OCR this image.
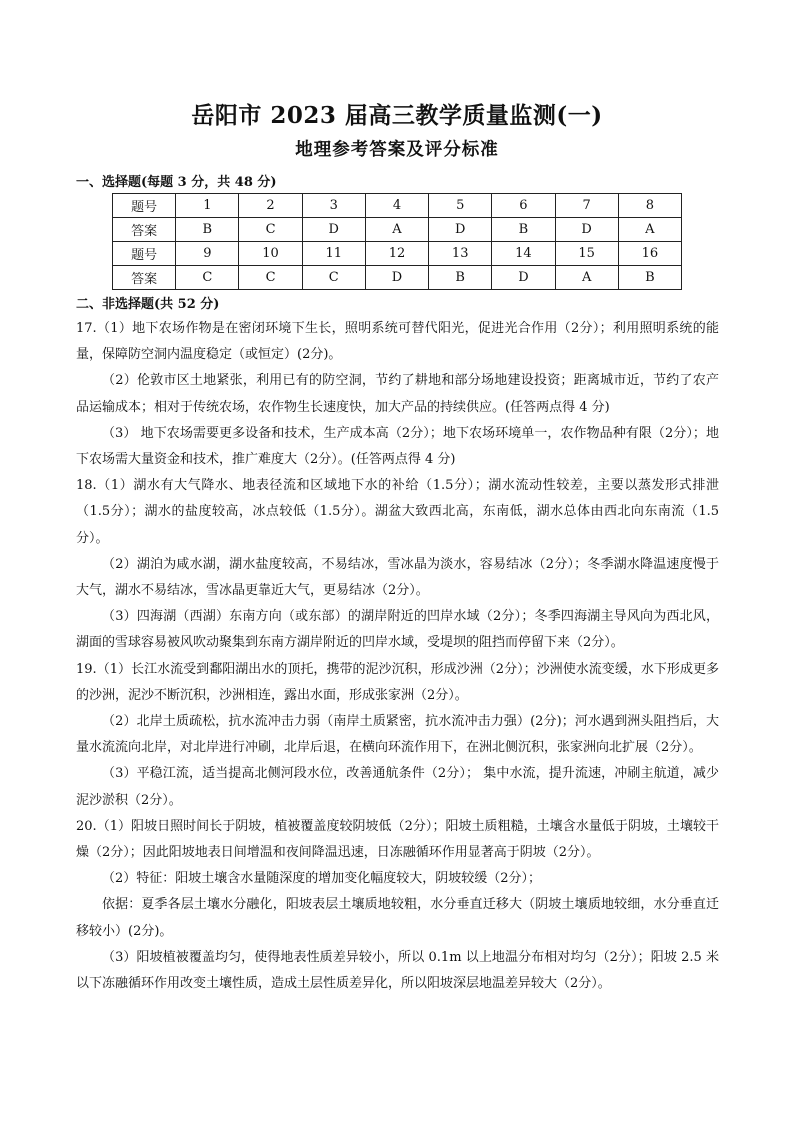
岳阳市 2023 届高三教学质量监测(一)
地理参考答案及评分标准
一、选择题(每题 3 分，共 48 分)
题号	1	2	3	4	5	6	7	8
答案	B	C	D	A	D	B	D	A
题号	9	10	11	12	13	14	15	16
答案	C	C	C	D	B	D	A	B
二、非选择题(共 52 分)

17.（1）地下农场作物是在密闭环境下生长，照明系统可替代阳光，促进光合作用（2分）；利用照明系统的能量，保障防空洞内温度稳定（或恒定）(2分)。

（2）伦敦市区土地紧张，利用已有的防空洞，节约了耕地和部分场地建设投资；距离城市近，节约了农产品运输成本；相对于传统农场，农作物生长速度快，加大产品的持续供应。(任答两点得 4 分)

（3） 地下农场需要更多设备和技术，生产成本高（2分）；地下农场环境单一，农作物品种有限（2分）；地下农场需大量资金和技术，推广难度大（2分）。(任答两点得 4 分)

18.（1）湖水有大气降水、地表径流和区域地下水的补给（1.5分）；湖水流动性较差，主要以蒸发形式排泄（1.5分）；湖水的盐度较高，冰点较低（1.5分）。湖盆大致西北高，东南低，湖水总体由西北向东南流（1.5分）。

（2）湖泊为咸水湖，湖水盐度较高，不易结冰，雪冰晶为淡水，容易结冰（2分）；冬季湖水降温速度慢于大气，湖水不易结冰，雪冰晶更靠近大气，更易结冰（2分）。

（3）四海湖（西湖）东南方向（或东部）的湖岸附近的凹岸水域（2分）；冬季四海湖主导风向为西北风，湖面的雪球容易被风吹动聚集到东南方湖岸附近的凹岸水域，受堤坝的阻挡而停留下来（2分）。

19.（1）长江水流受到鄱阳湖出水的顶托，携带的泥沙沉积，形成沙洲（2分）；沙洲使水流变缓，水下形成更多的沙洲，泥沙不断沉积，沙洲相连，露出水面，形成张家洲（2分）。

（2）北岸土质疏松，抗水流冲击力弱（南岸土质紧密，抗水流冲击力强）(2分)；河水遇到洲头阻挡后，大量水流流向北岸，对北岸进行冲刷，北岸后退，在横向环流作用下，在洲北侧沉积，张家洲向北扩展（2分）。

（3）平稳江流，适当提高北侧河段水位，改善通航条件（2分）； 集中水流，提升流速，冲刷主航道，减少泥沙淤积（2分）。

20.（1）阳坡日照时间长于阴坡，植被覆盖度较阴坡低（2分）；阳坡土质粗糙，土壤含水量低于阴坡，土壤较干燥（2分）；因此阳坡地表日间增温和夜间降温迅速，日冻融循环作用显著高于阴坡（2分）。

（2）特征：阳坡土壤含水量随深度的增加变化幅度较大，阴坡较缓（2分）；

依据：夏季各层土壤水分融化，阳坡表层土壤质地较粗，水分垂直迁移大（阴坡土壤质地较细，水分垂直迁移较小）(2分)。

（3）阳坡植被覆盖均匀，使得地表性质差异较小，所以 0.1m 以上地温分布相对均匀（2分）；阳坡 2.5 米以下冻融循环作用改变土壤性质，造成土层性质差异化，所以阳坡深层地温差异较大（2分）。
